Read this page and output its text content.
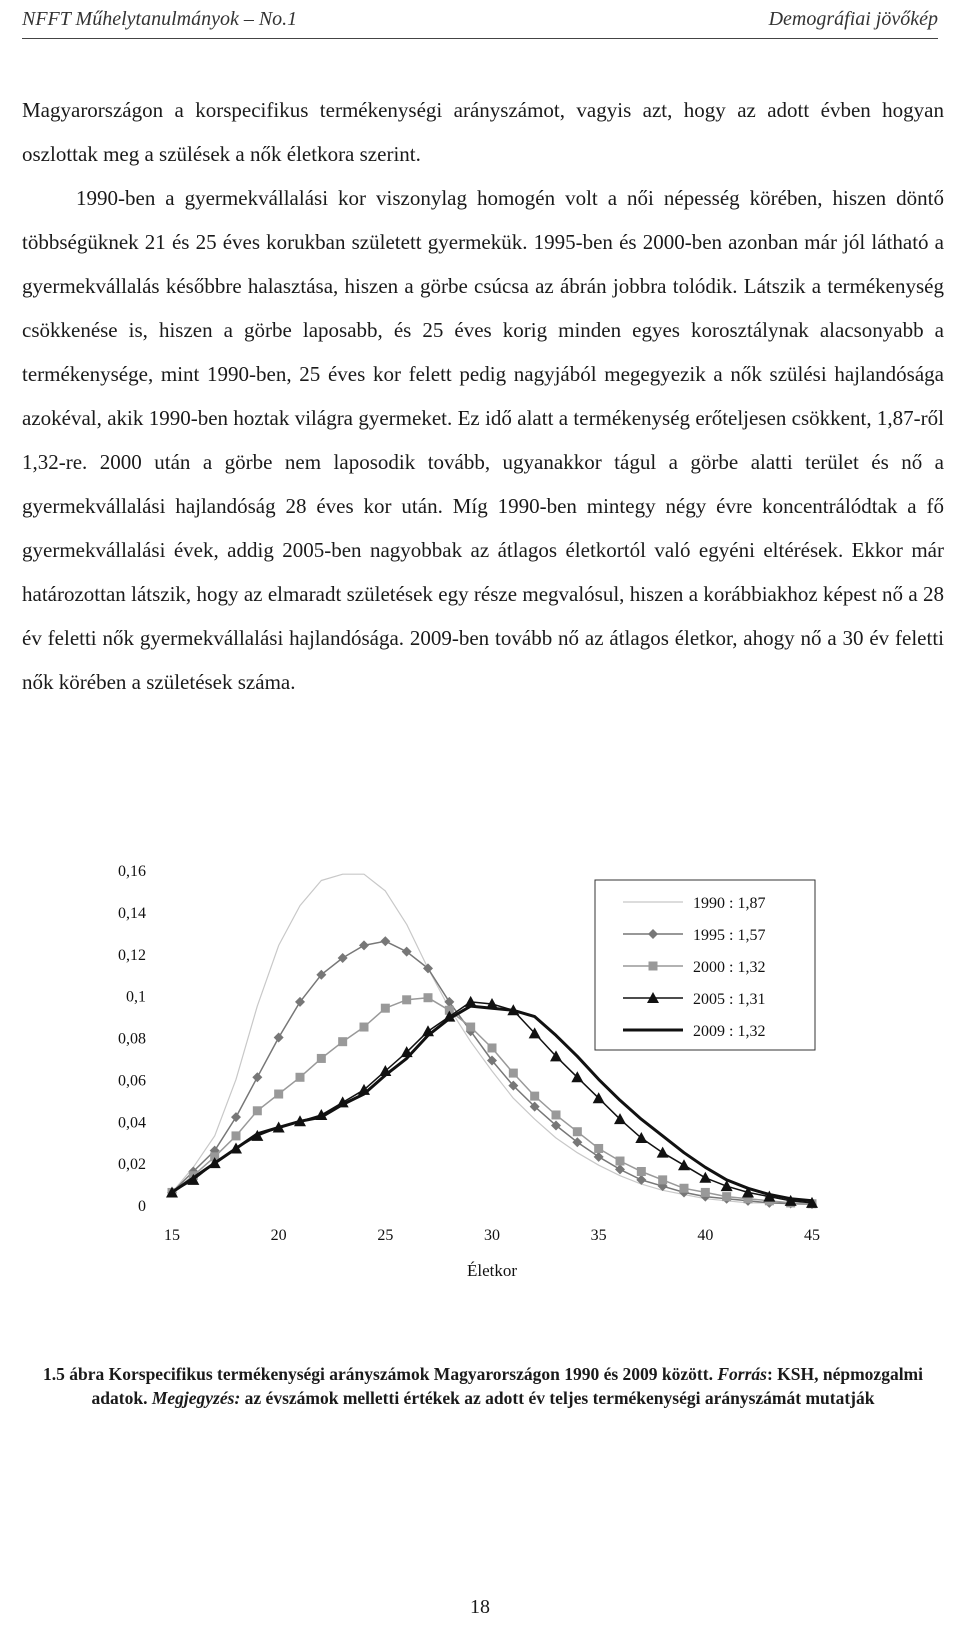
NFFT Műhelytanulmányok – No.1	Demográfiai jövőkép

Magyarországon a korspecifikus termékenységi arányszámot, vagyis azt, hogy az adott évben hogyan oszlottak meg a szülések a nők életkora szerint.

1990-ben a gyermekvállalási kor viszonylag homogén volt a női népesség körében, hiszen döntő többségüknek 21 és 25 éves korukban született gyermekük. 1995-ben és 2000-ben azonban már jól látható a gyermekvállalás későbbre halasztása, hiszen a görbe csúcsa az ábrán jobbra tolódik. Látszik a termékenység csökkenése is, hiszen a görbe laposabb, és 25 éves korig minden egyes korosztálynak alacsonyabb a termékenysége, mint 1990-ben, 25 éves kor felett pedig nagyjából megegyezik a nők szülési hajlandósága azokéval, akik 1990-ben hoztak világra gyermeket. Ez idő alatt a termékenység erőteljesen csökkent, 1,87-ről 1,32-re. 2000 után a görbe nem laposodik tovább, ugyanakkor tágul a görbe alatti terület és nő a gyermekvállalási hajlandóság 28 éves kor után. Míg 1990-ben mintegy négy évre koncentrálódtak a fő gyermekvállalási évek, addig 2005-ben nagyobbak az átlagos életkortól való egyéni eltérések. Ekkor már határozottan látszik, hogy az elmaradt születések egy része megvalósul, hiszen a korábbiakhoz képest nő a 28 év feletti nők gyermekvállalási hajlandósága. 2009-ben tovább nő az átlagos életkor, ahogy nő a 30 év feletti nők körében a születések száma.

0
0,02
0,04
0,06
0,08
0,1
0,12
0,14
0,16
15	20	25	30	35	40	45
Életkor
1990 : 1,87
1995 : 1,57
2000 : 1,32
2005 : 1,31
2009 : 1,32
1.5 ábra Korspecifikus termékenységi arányszámok Magyarországon 1990 és 2009 között. Forrás: KSH, népmozgalmi adatok. Megjegyzés: az évszámok melletti értékek az adott év teljes termékenységi arányszámát mutatják
18
